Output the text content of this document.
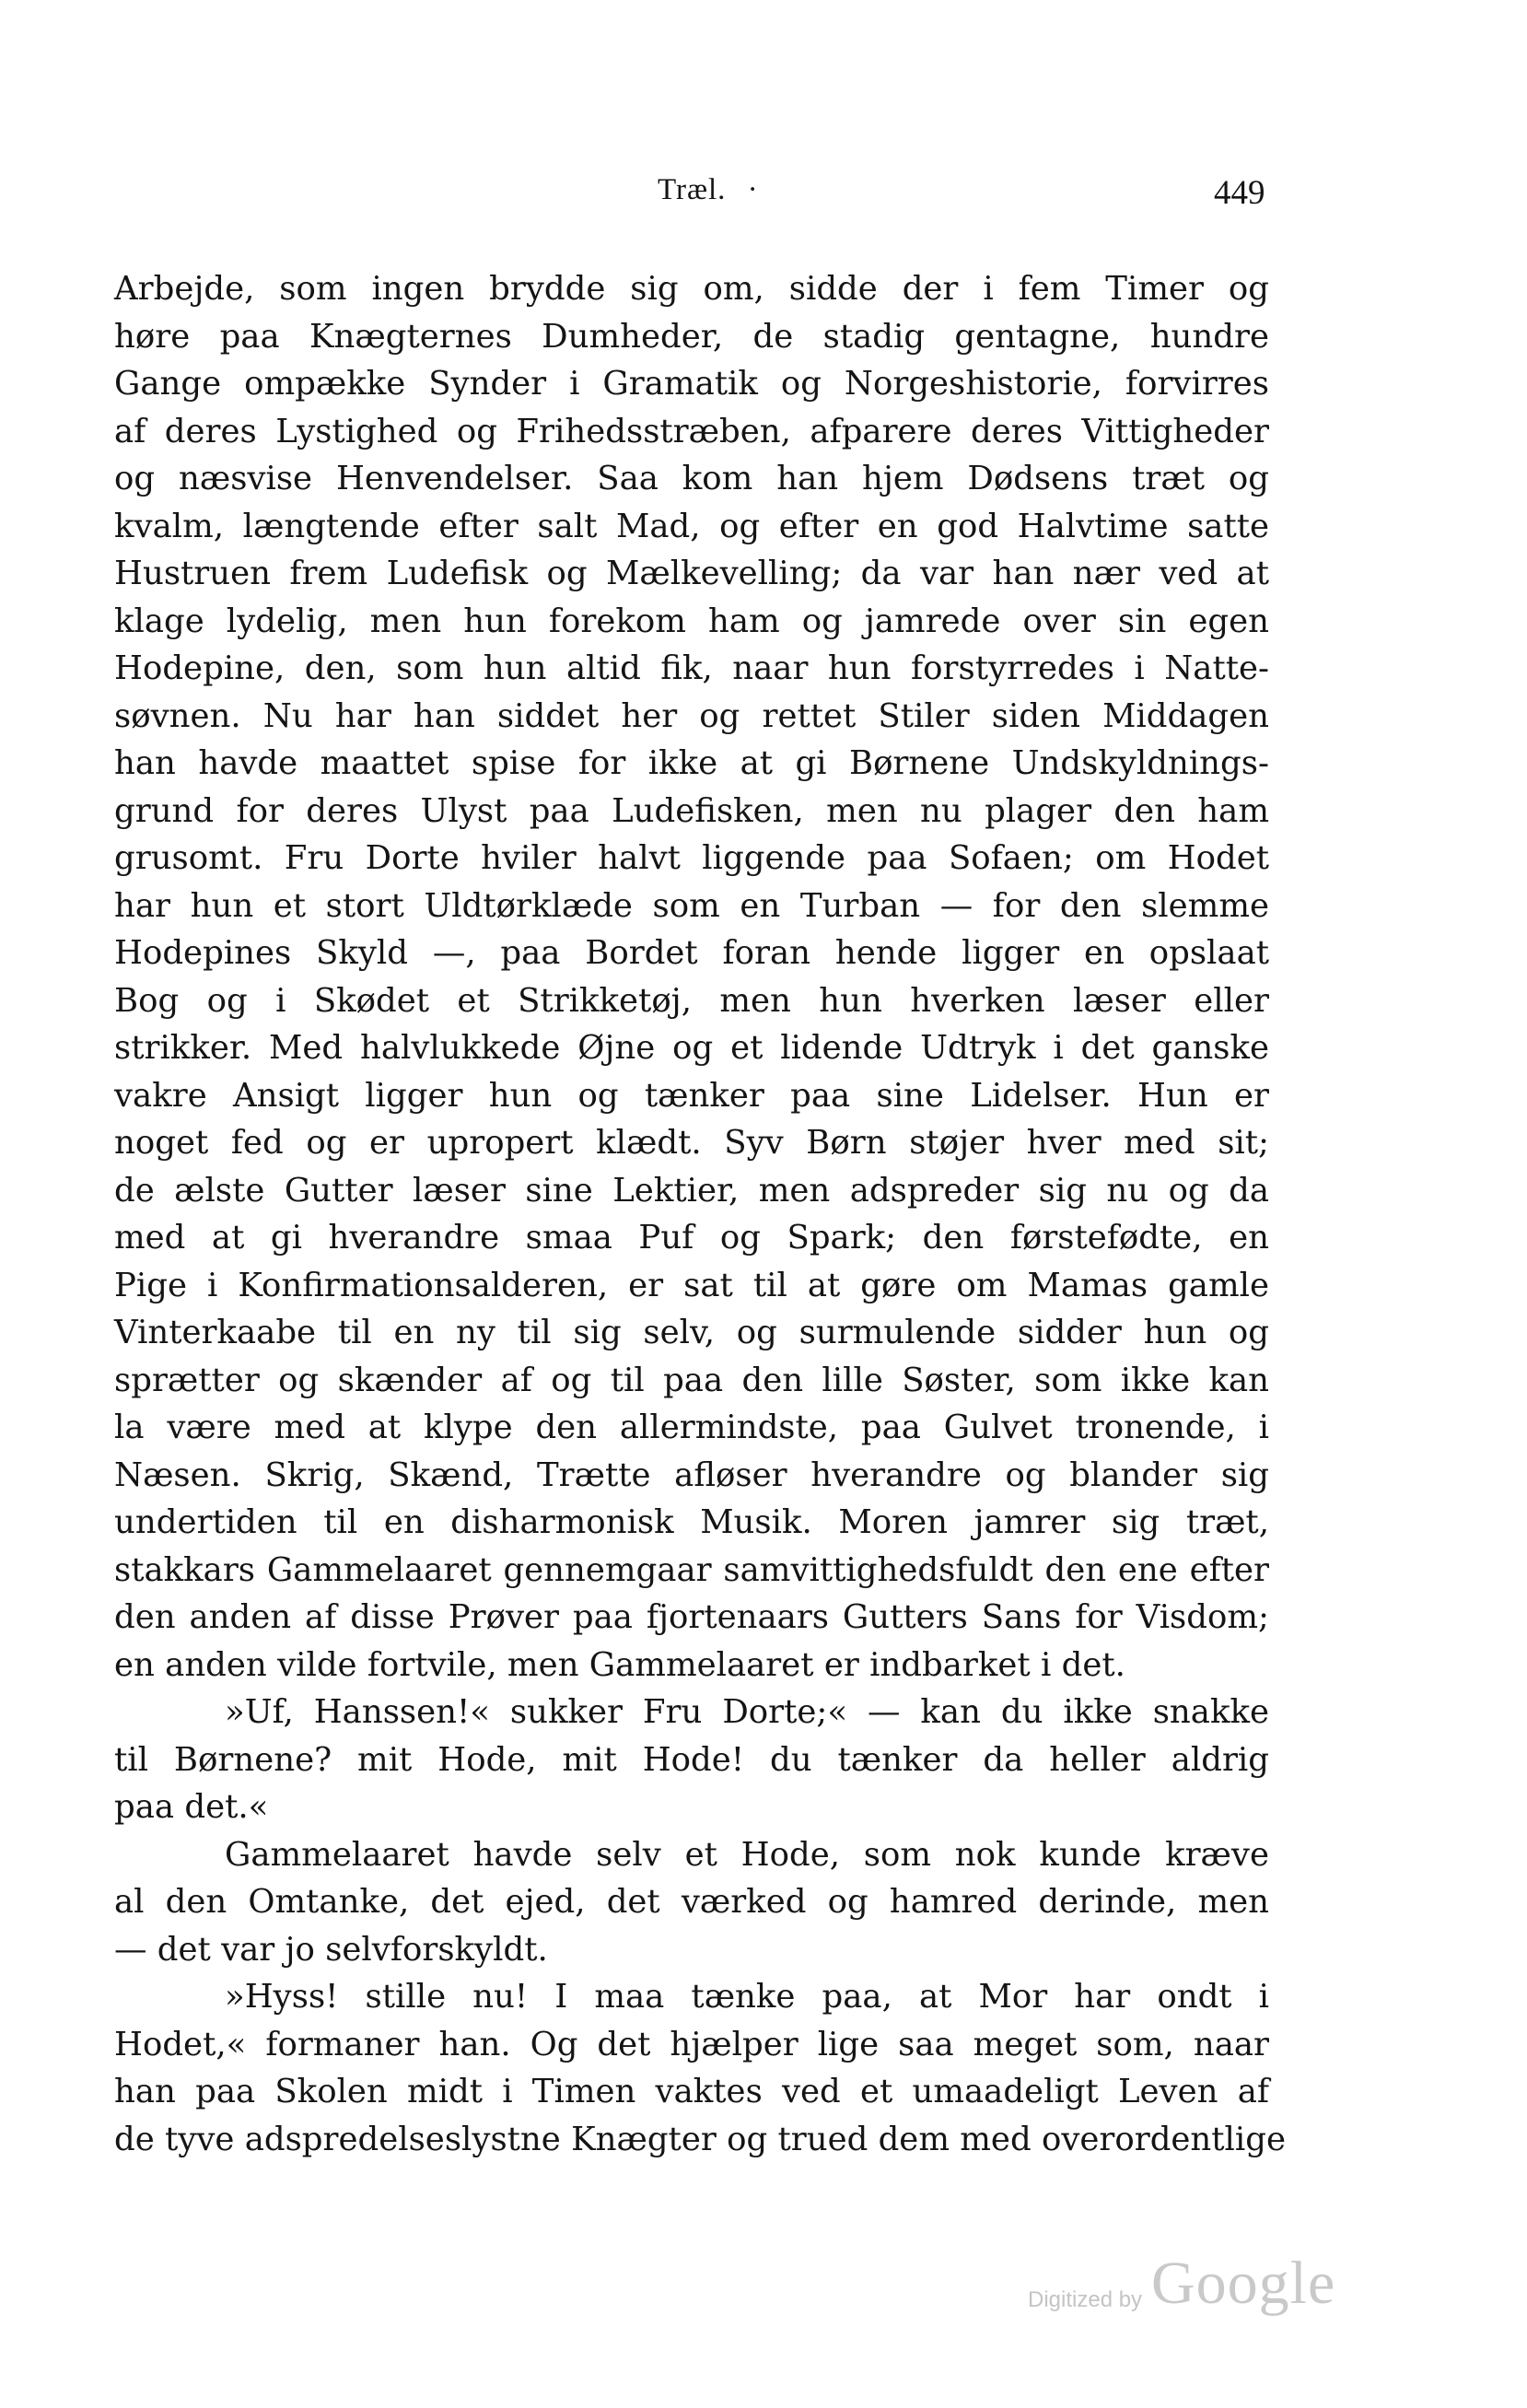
Træl. ·	449
Arbejde, som ingen brydde sig om, sidde der i fem Timer og
høre paa Knægternes Dumheder, de stadig gentagne, hundre
Gange ompække Synder i Gramatik og Norgeshistorie, forvirres
af deres Lystighed og Frihedsstræben, afparere deres Vittigheder
og næsvise Henvendelser. Saa kom han hjem Dødsens træt og
kvalm, længtende efter salt Mad, og efter en god Halvtime satte
Hustruen frem Ludefisk og Mælkevelling; da var han nær ved at
klage lydelig, men hun forekom ham og jamrede over sin egen
Hodepine, den, som hun altid fik, naar hun forstyrredes i Natte-
søvnen. Nu har han siddet her og rettet Stiler siden Middagen
han havde maattet spise for ikke at gi Børnene Undskyldnings-
grund for deres Ulyst paa Ludefisken, men nu plager den ham
grusomt. Fru Dorte hviler halvt liggende paa Sofaen; om Hodet
har hun et stort Uldtørklæde som en Turban — for den slemme
Hodepines Skyld —, paa Bordet foran hende ligger en opslaat
Bog og i Skødet et Strikketøj, men hun hverken læser eller
strikker. Med halvlukkede Øjne og et lidende Udtryk i det ganske
vakre Ansigt ligger hun og tænker paa sine Lidelser. Hun er
noget fed og er upropert klædt. Syv Børn støjer hver med sit;
de ælste Gutter læser sine Lektier, men adspreder sig nu og da
med at gi hverandre smaa Puf og Spark; den førstefødte, en
Pige i Konfirmationsalderen, er sat til at gøre om Mamas gamle
Vinterkaabe til en ny til sig selv, og surmulende sidder hun og
sprætter og skænder af og til paa den lille Søster, som ikke kan
la være med at klype den allermindste, paa Gulvet tronende, i
Næsen. Skrig, Skænd, Trætte afløser hverandre og blander sig
undertiden til en disharmonisk Musik. Moren jamrer sig træt,
stakkars Gammelaaret gennemgaar samvittighedsfuldt den ene efter
den anden af disse Prøver paa fjortenaars Gutters Sans for Visdom;
en anden vilde fortvile, men Gammelaaret er indbarket i det.
»Uf, Hanssen!« sukker Fru Dorte;« — kan du ikke snakke
til Børnene? mit Hode, mit Hode! du tænker da heller aldrig
paa det.«
Gammelaaret havde selv et Hode, som nok kunde kræve
al den Omtanke, det ejed, det værked og hamred derinde, men
— det var jo selvforskyldt.
»Hyss! stille nu! I maa tænke paa, at Mor har ondt i
Hodet,« formaner han. Og det hjælper lige saa meget som, naar
han paa Skolen midt i Timen vaktes ved et umaadeligt Leven af
de tyve adspredelseslystne Knægter og trued dem med overordentlige
Digitized by Google
